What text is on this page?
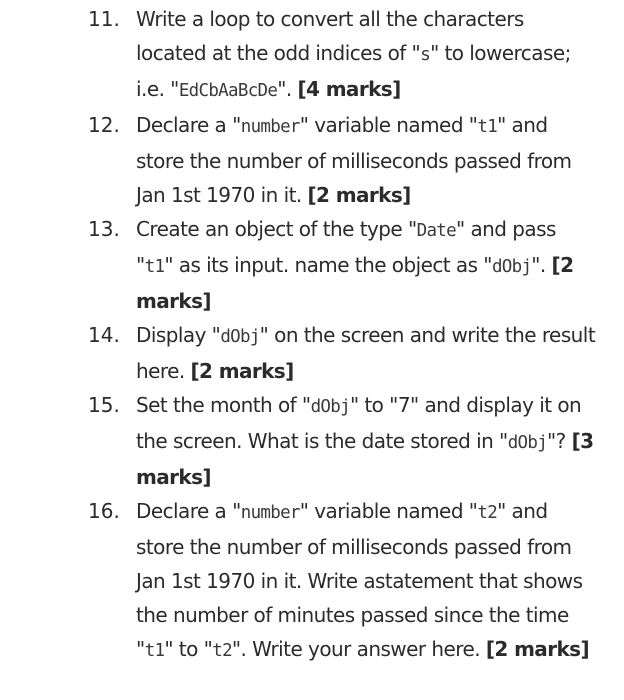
11. Write a loop to convert all the characters located at the odd indices of "s" to lowercase; i.e. "EdCbAaBcDe". [4 marks]
12. Declare a "number" variable named "t1" and store the number of milliseconds passed from Jan 1st 1970 in it. [2 marks]
13. Create an object of the type "Date" and pass "t1" as its input. name the object as "dObj". [2 marks]
14. Display "dObj" on the screen and write the result here. [2 marks]
15. Set the month of "dObj" to "7" and display it on the screen. What is the date stored in "dObj"? [3 marks]
16. Declare a "number" variable named "t2" and store the number of milliseconds passed from Jan 1st 1970 in it. Write astatement that shows the number of minutes passed since the time "t1" to "t2". Write your answer here. [2 marks]
